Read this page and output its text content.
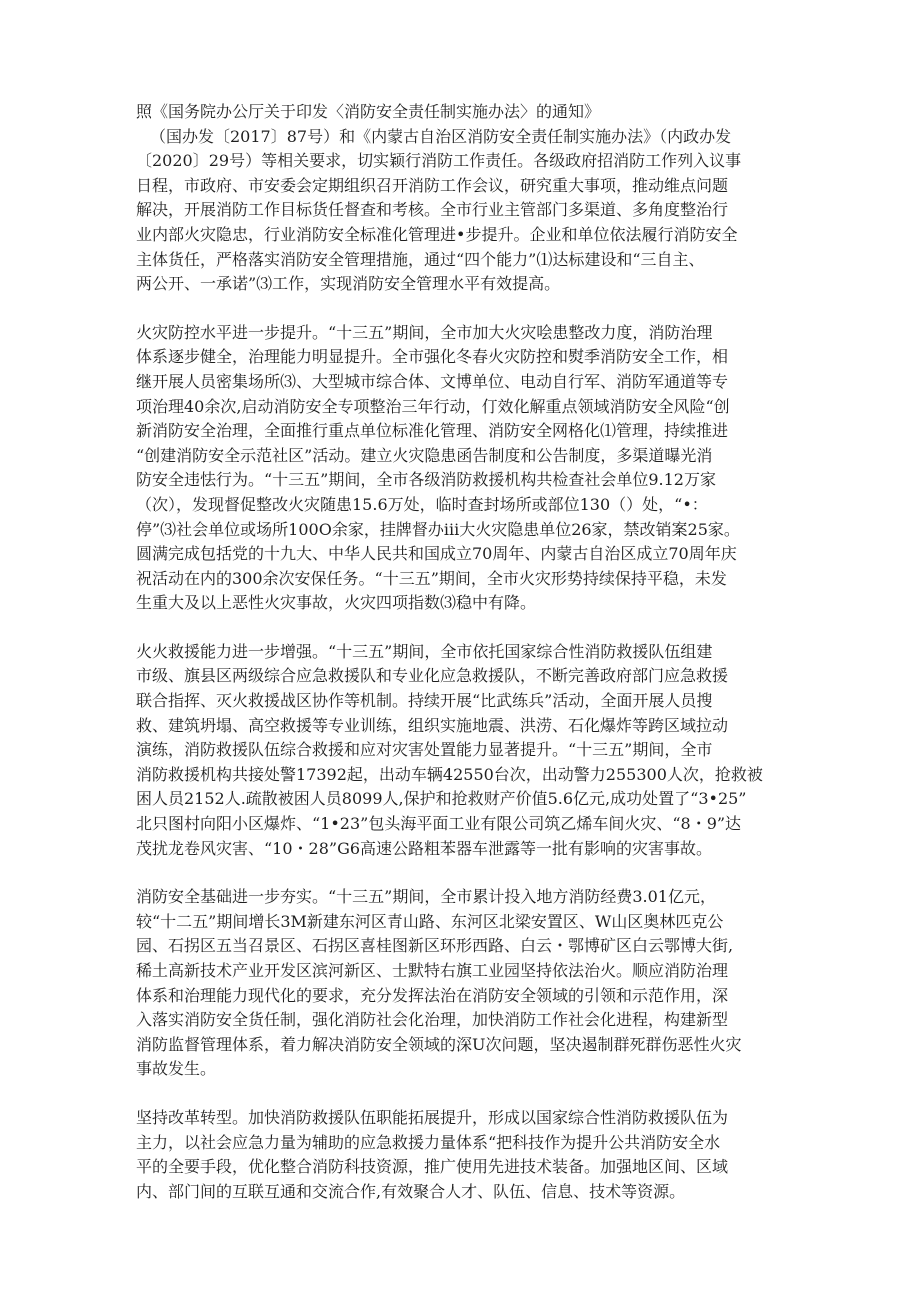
照《国务院办公厅关于印发〈消防安全责任制实施办法〉的通知》
（国办发〔2017〕87号）和《内蒙古自治区消防安全责任制实施办法》（内政办发
〔2020〕29号）等相关要求，切实颖行消防工作责任。各级政府招消防工作列入议事
日程，市政府、市安委会定期组织召开消防工作会议，研究重大事项，推动维点问题
解决，开展消防工作目标货任督查和考核。全市行业主管部门多渠道、多角度整治行
业内部火灾隐忠，行业消防安全标准化管理进•步提升。企业和单位依法履行消防安全
主体货任，严格落实消防安全管理措施，通过“四个能力”⑴达标建设和“三自主、
两公开、一承诺”⑶工作，实现消防安全管理水平有效提高。
火灾防控水平进一步提升。“十三五”期间，全市加大火灾哙患整改力度，消防治理
体系逐步健全，治理能力明显提升。全市强化冬春火灾防控和熨季消防安全工作，相
继开展人员密集场所⑶、大型城市综合体、文博单位、电动自行军、消防军通道等专
项治理40余次,启动消防安全专项整治三年行动，仃效化解重点领域消防安全风险“创
新消防安全治理，全面推行重点单位标准化管理、消防安全网格化⑴管理，持续推进
“创建消防安全示范社区”活动。建立火灾隐患函告制度和公告制度，多渠道曝光消
防安全违怯行为。“十三五”期间，全市各级消防救援机构共检查社会单位9.12万家
（次），发现督促整改火灾随患15.6万处，临时查封场所或部位130（）处，“•：
停”⑶社会单位或场所100O余家，挂牌督办iii大火灾隐患单位26家，禁改销案25家。
圆满完成包括党的十九大、中华人民共和国成立70周年、内蒙古自治区成立70周年庆
祝活动在内的300余次安保任务。“十三五”期间，全市火灾形势持续保持平稳，未发
生重大及以上恶性火灾事故，火灾四项指数⑶稳中有降。
火火救援能力进一步增强。“十三五”期间，全市依托国家综合性消防救援队伍组建
市级、旗县区两级综合应急救援队和专业化应急救援队，不断完善政府部门应急救援
联合指挥、灭火救援战区协作等机制。持续开展“比武练兵”活动，全面开展人员搜
救、建筑坍塌、高空救援等专业训练，组织实施地震、洪涝、石化爆炸等跨区域拉动
演练，消防救援队伍综合救援和应对灾害处置能力显著提升。“十三五”期间，全市
消防救援机构共接处警17392起，出动车辆42550台次，出动警力255300人次，抢救被
困人员2152人.疏散被困人员8099人,保护和抢救财产价值5.6亿元,成功处置了“3•25”
北只图村向阳小区爆炸、“1•23”包头海平面工业有限公司筑乙烯车间火灾、“8・9”达
茂扰龙卷风灾害、“10・28”G6高速公路粗苯器车泄露等一批有影响的灾害事故。
消防安全基础进一步夯实。“十三五”期间，全市累计投入地方消防经费3.01亿元，
较“十二五”期间增长3M新建东河区青山路、东河区北梁安置区、W山区奥林匹克公
园、石拐区五当召景区、石拐区喜桂图新区环形西路、白云・鄂博矿区白云鄂博大街,
稀土高新技术产业开发区滨河新区、士默特右旗工业园坚持依法治火。顺应消防治理
体系和治理能力现代化的要求，充分发挥法治在消防安全领域的引领和示范作用，深
入落实消防安全货任制，强化消防社会化治理，加快消防工作社会化进程，构建新型
消防监督管理体系，着力解决消防安全领域的深U次问题，坚决遏制群死群伤恶性火灾
事故发生。
坚持改革转型。加快消防救援队伍职能拓展提升，形成以国家综合性消防救援队伍为
主力，以社会应急力量为辅助的应急救援力量体系“把科技作为提升公共消防安全水
平的全要手段，优化整合消防科技资源，推广使用先进技术装备。加强地区间、区域
内、部门间的互联互通和交流合作,有效聚合人才、队伍、信息、技术等资源。
